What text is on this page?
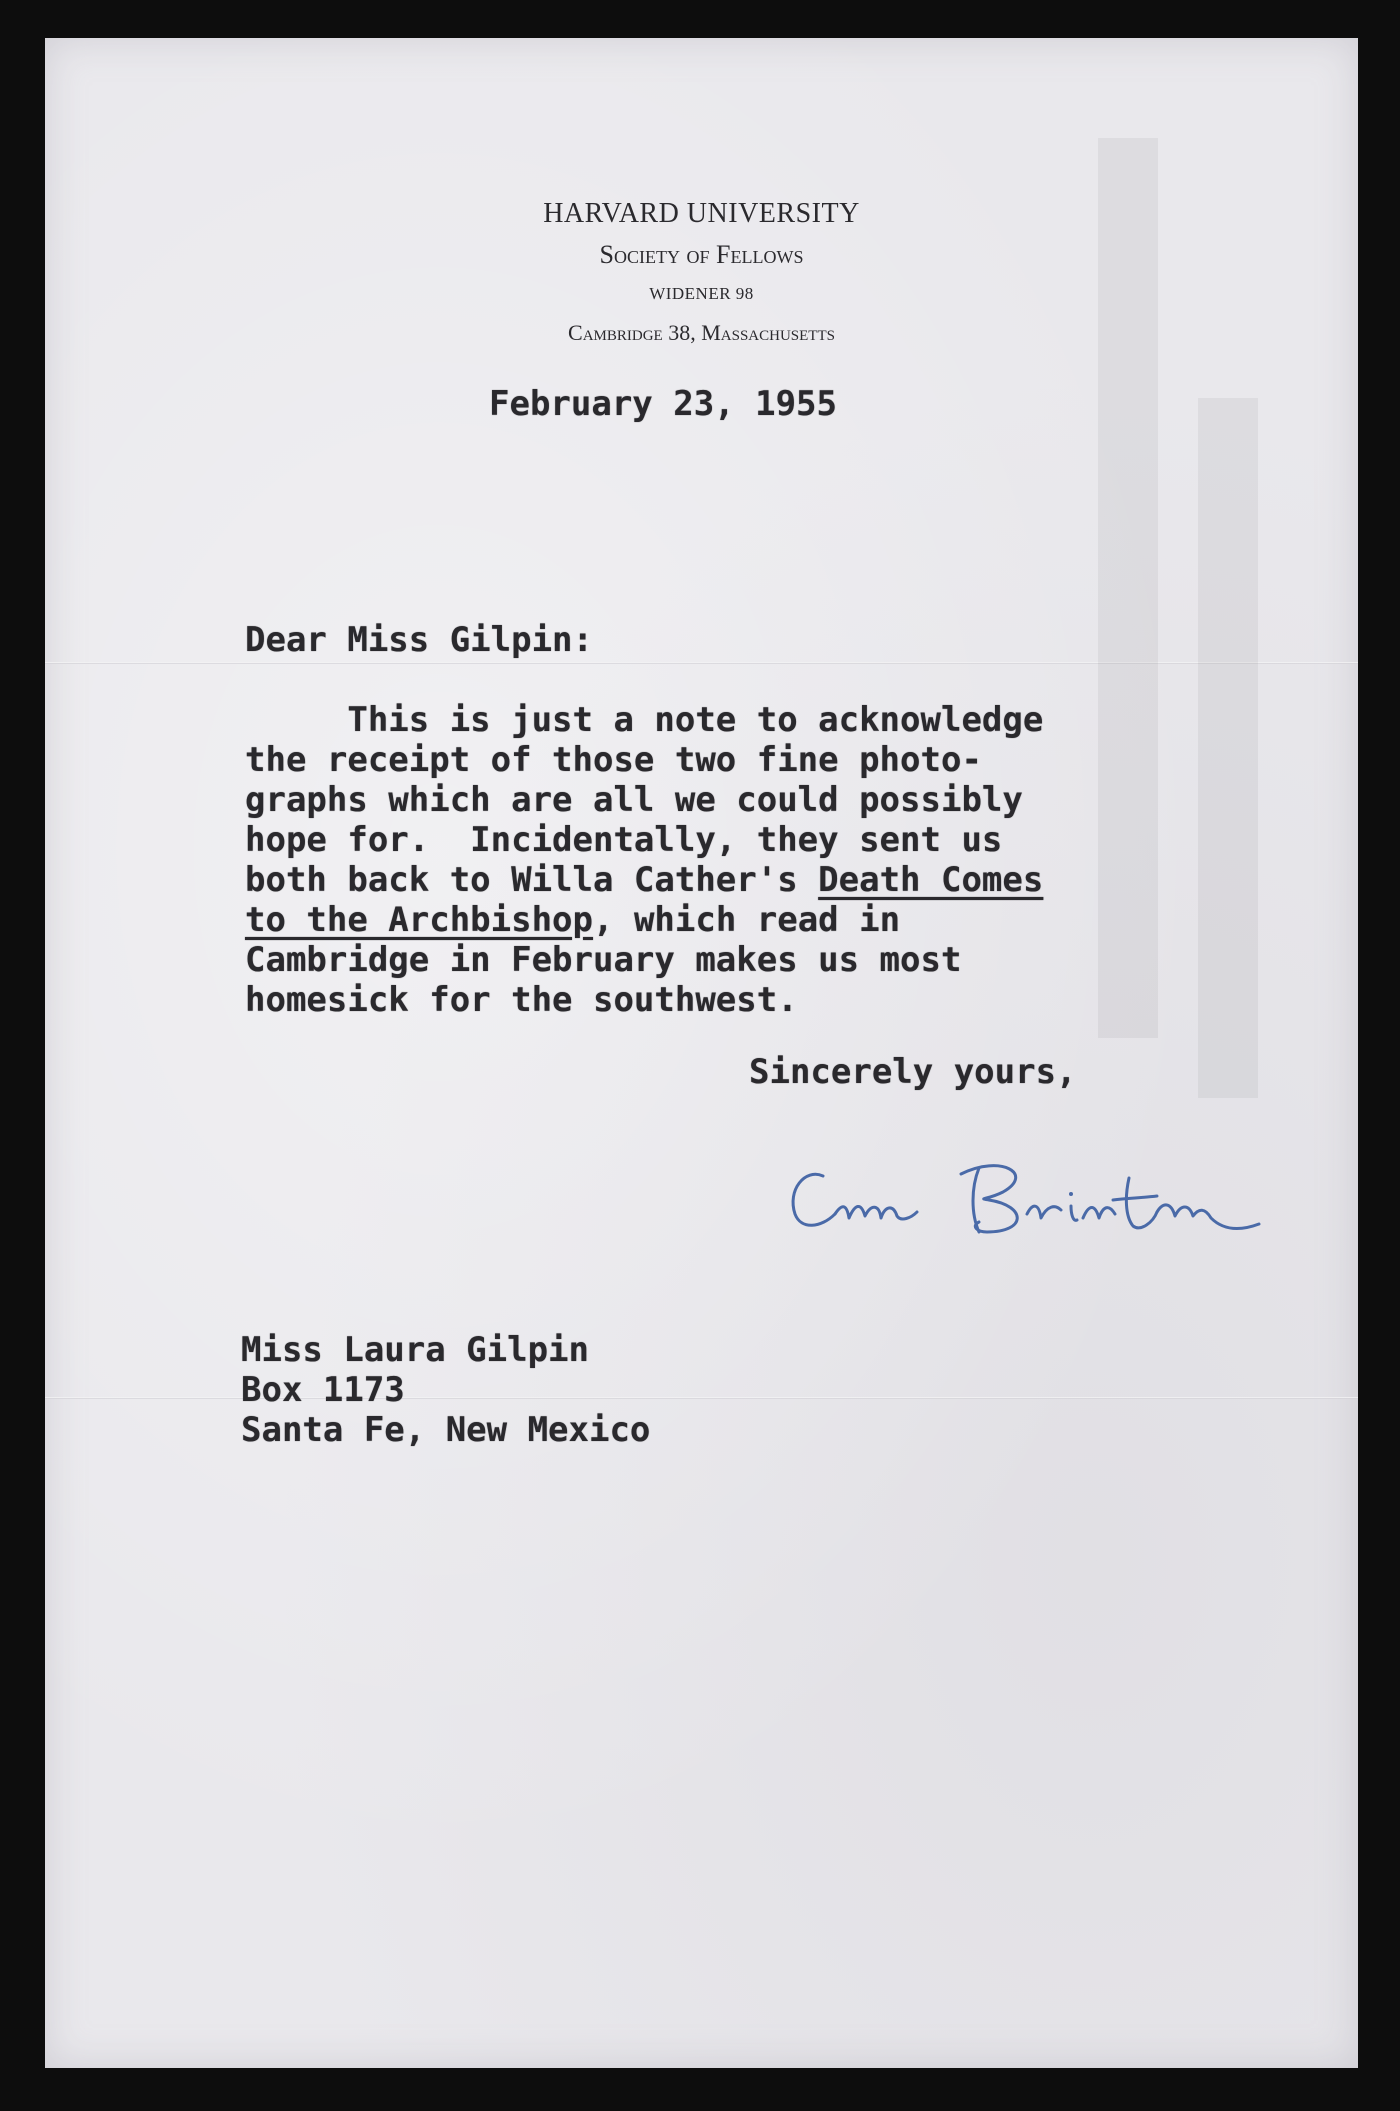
HARVARD UNIVERSITY
Society of Fellows
WIDENER 98
Cambridge 38, Massachusetts
February 23, 1955
Dear Miss Gilpin:
This is just a note to acknowledge
the receipt of those two fine photo-
graphs which are all we could possibly
hope for.  Incidentally, they sent us
both back to Willa Cather's Death Comes
to the Archbishop, which read in
Cambridge in February makes us most
homesick for the southwest.
Sincerely yours,
Miss Laura Gilpin
Box 1173
Santa Fe, New Mexico
